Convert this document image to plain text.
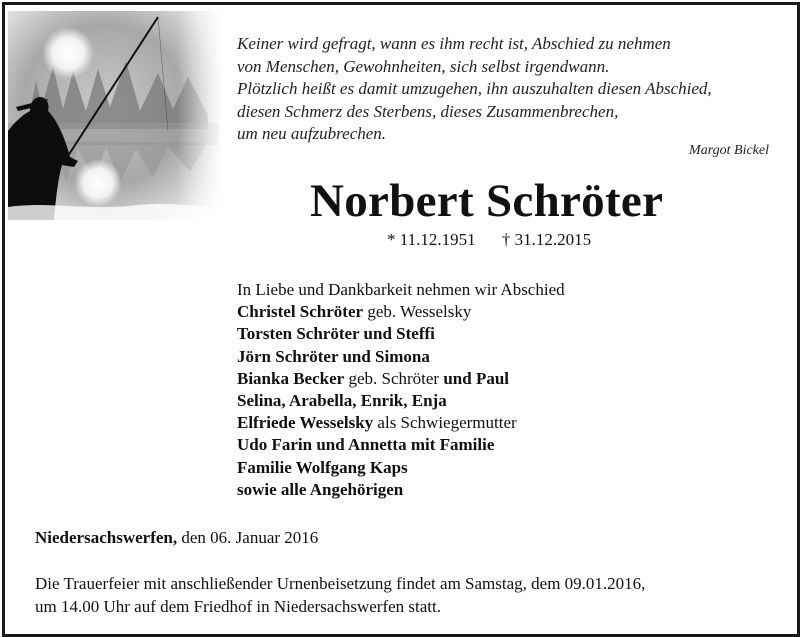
Keiner wird gefragt, wann es ihm recht ist, Abschied zu nehmen
von Menschen, Gewohnheiten, sich selbst irgendwann.
Plötzlich heißt es damit umzugehen, ihn auszuhalten diesen Abschied,
diesen Schmerz des Sterbens, dieses Zusammenbrechen,
um neu aufzubrechen.
Margot Bickel
Norbert Schröter
* 11.12.1951 † 31.12.2015
In Liebe und Dankbarkeit nehmen wir Abschied
Christel Schröter geb. Wesselsky
Torsten Schröter und Steffi
Jörn Schröter und Simona
Bianka Becker geb. Schröter und Paul
Selina, Arabella, Enrik, Enja
Elfriede Wesselsky als Schwiegermutter
Udo Farin und Annetta mit Familie
Familie Wolfgang Kaps
sowie alle Angehörigen
Niedersachswerfen, den 06. Januar 2016
Die Trauerfeier mit anschließender Urnenbeisetzung findet am Samstag, dem 09.01.2016,
um 14.00 Uhr auf dem Friedhof in Niedersachswerfen statt.
